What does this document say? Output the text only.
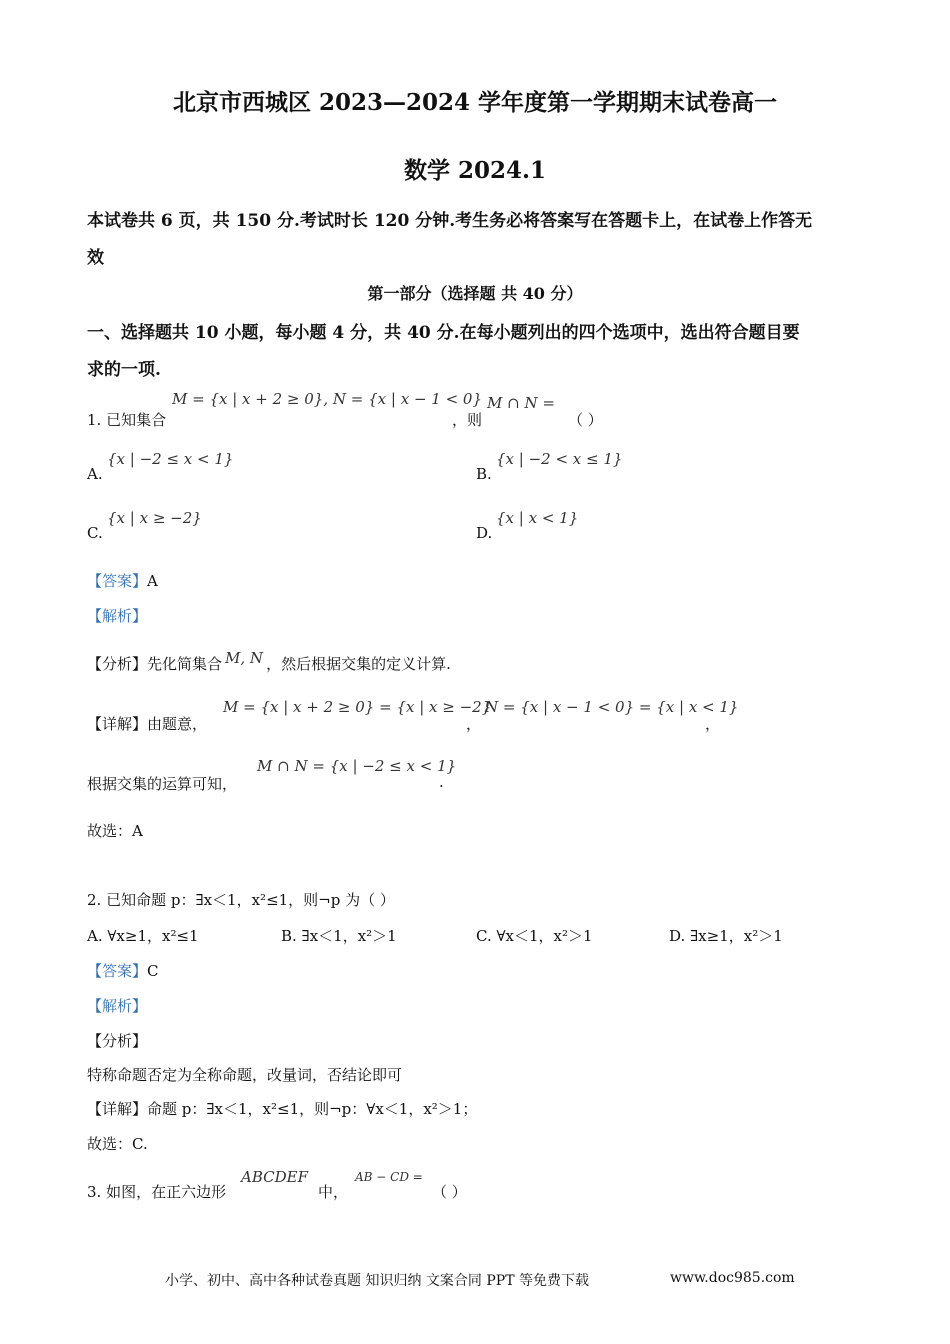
北京市西城区 2023—2024 学年度第一学期期末试卷高一
数学 2024.1
本试卷共 6 页，共 150 分.考试时长 120 分钟.考生务必将答案写在答题卡上，在试卷上作答无
效
第一部分（选择题 共 40 分）
一、选择题共 10 小题，每小题 4 分，共 40 分.在每小题列出的四个选项中，选出符合题目要
求的一项.
1. 已知集合
M = {x | x + 2 ≥ 0}, N = {x | x − 1 < 0}
，则
M ∩ N =
（ ）
A.
{x | −2 ≤ x < 1}
B.
{x | −2 < x ≤ 1}
C.
{x | x ≥ −2}
D.
{x | x < 1}
【答案】A
【解析】
【分析】先化简集合 M, N ，然后根据交集的定义计算.
【详解】由题意，
M = {x | x + 2 ≥ 0} = {x | x ≥ −2}
，
N = {x | x − 1 < 0} = {x | x < 1}
，
根据交集的运算可知，
M ∩ N = {x | −2 ≤ x < 1}
.
故选：A
2. 已知命题 p：∃x＜1，x²≤1，则¬p 为（ ）
A. ∀x≥1，x²≤1	B. ∃x＜1，x²＞1	C. ∀x＜1，x²＞1	D. ∃x≥1，x²＞1
【答案】C
【解析】
【分析】
特称命题否定为全称命题，改量词，否结论即可
【详解】命题 p：∃x＜1，x²≤1，则¬p：∀x＜1，x²＞1；
故选：C.
3. 如图，在正六边形
ABCDEF
中，
AB − CD =
（ ）
小学、初中、高中各种试卷真题 知识归纳 文案合同 PPT 等免费下载	www.doc985.com
